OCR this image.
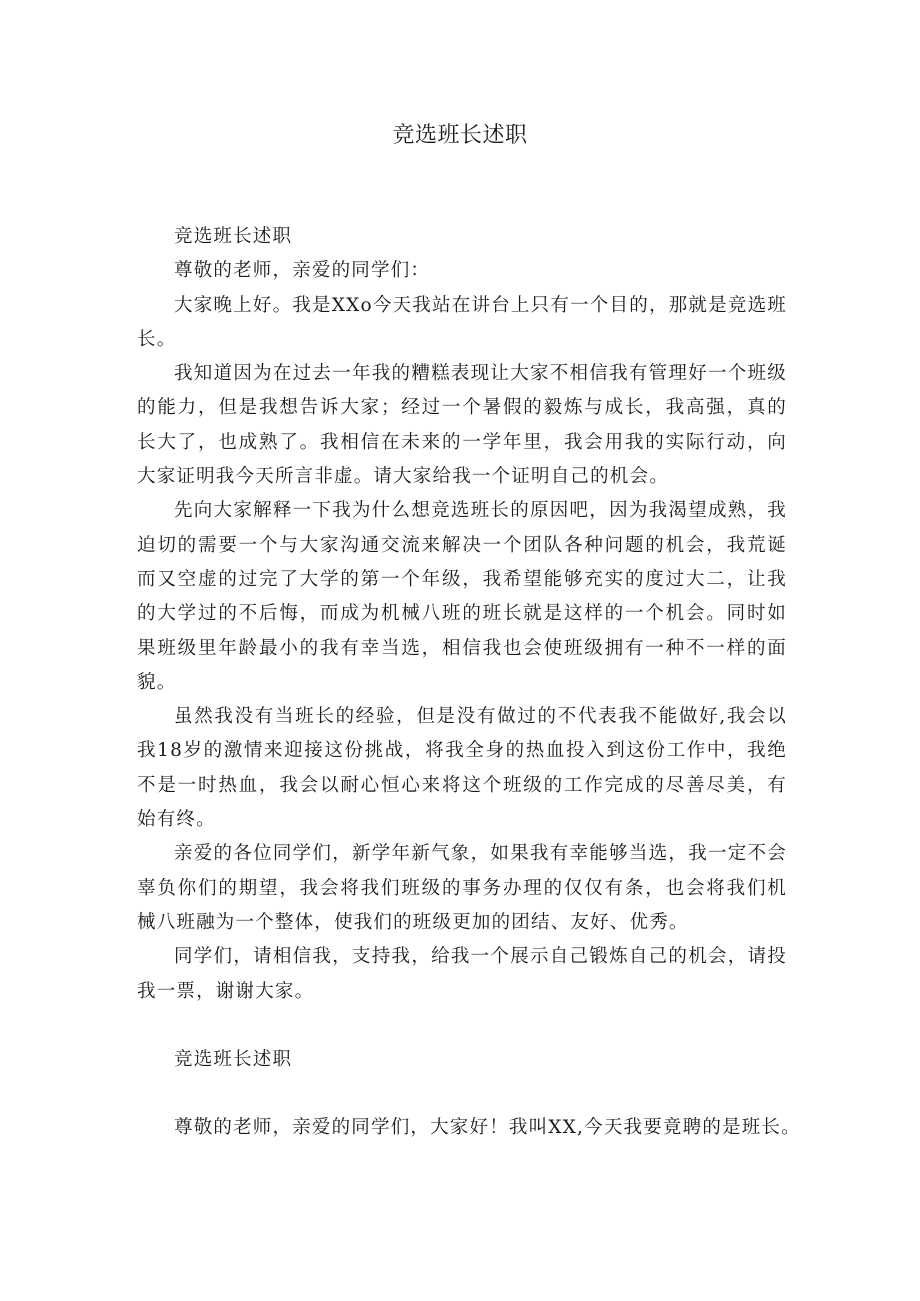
竞选班长述职

竞选班长述职

尊敬的老师，亲爱的同学们：

大家晚上好。我是XXo今天我站在讲台上只有一个目的，那就是竞选班长。

我知道因为在过去一年我的糟糕表现让大家不相信我有管理好一个班级的能力，但是我想告诉大家；经过一个暑假的毅炼与成长，我高强，真的长大了，也成熟了。我相信在未来的一学年里，我会用我的实际行动，向大家证明我今天所言非虚。请大家给我一个证明自己的机会。

先向大家解释一下我为什么想竞选班长的原因吧，因为我渴望成熟，我迫切的需要一个与大家沟通交流来解决一个团队各种问题的机会，我荒诞而又空虚的过完了大学的第一个年级，我希望能够充实的度过大二，让我的大学过的不后悔，而成为机械八班的班长就是这样的一个机会。同时如果班级里年龄最小的我有幸当选，相信我也会使班级拥有一种不一样的面貌。

虽然我没有当班长的经验，但是没有做过的不代表我不能做好,我会以我18岁的激情来迎接这份挑战，将我全身的热血投入到这份工作中，我绝不是一时热血，我会以耐心恒心来将这个班级的工作完成的尽善尽美，有始有终。

亲爱的各位同学们，新学年新气象，如果我有幸能够当选，我一定不会辜负你们的期望，我会将我们班级的事务办理的仅仅有条，也会将我们机械八班融为一个整体，使我们的班级更加的团结、友好、优秀。

同学们，请相信我，支持我，给我一个展示自己锻炼自己的机会，请投我一票，谢谢大家。

竞选班长述职

尊敬的老师，亲爱的同学们，大家好！我叫XX,今天我要竟聘的是班长。
